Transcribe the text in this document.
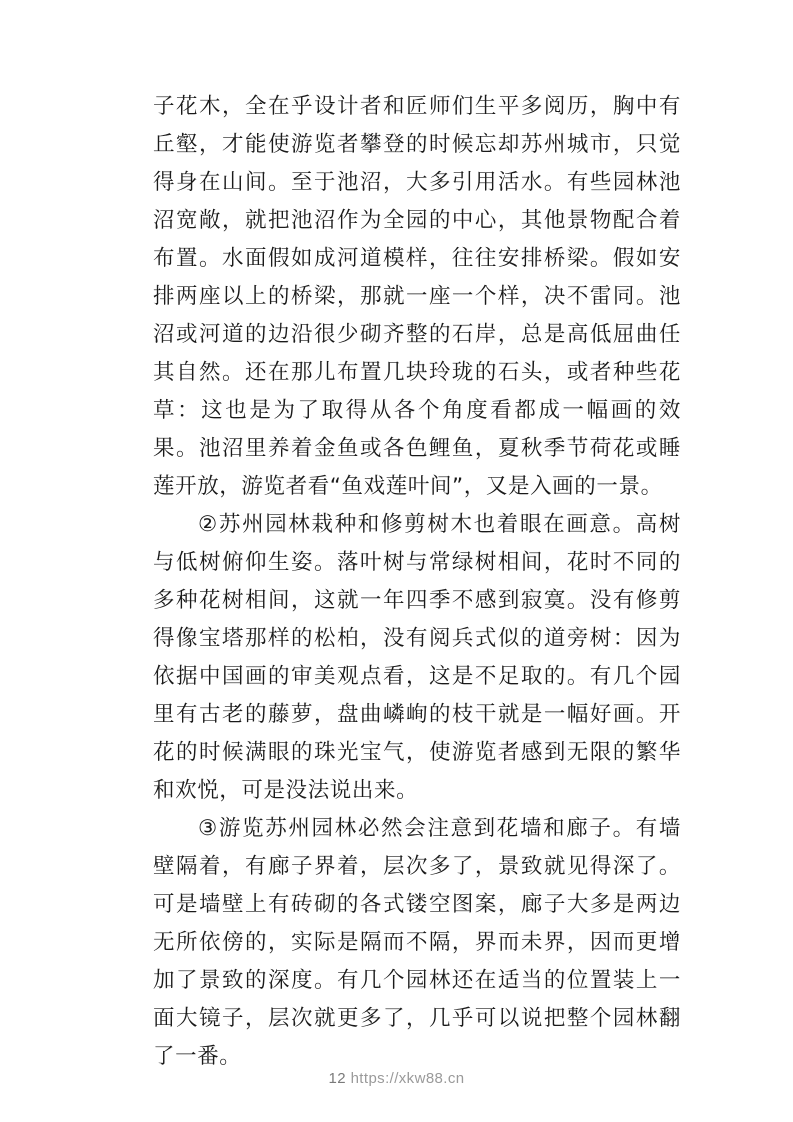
子花木，全在乎设计者和匠师们生平多阅历，胸中有丘壑，才能使游览者攀登的时候忘却苏州城市，只觉得身在山间。至于池沼，大多引用活水。有些园林池沼宽敞，就把池沼作为全园的中心，其他景物配合着布置。水面假如成河道模样，往往安排桥梁。假如安排两座以上的桥梁，那就一座一个样，决不雷同。池沼或河道的边沿很少砌齐整的石岸，总是高低屈曲任其自然。还在那儿布置几块玲珑的石头，或者种些花草：这也是为了取得从各个角度看都成一幅画的效果。池沼里养着金鱼或各色鲤鱼，夏秋季节荷花或睡莲开放，游览者看“鱼戏莲叶间”，又是入画的一景。

②苏州园林栽种和修剪树木也着眼在画意。高树与低树俯仰生姿。落叶树与常绿树相间，花时不同的多种花树相间，这就一年四季不感到寂寞。没有修剪得像宝塔那样的松柏，没有阅兵式似的道旁树：因为依据中国画的审美观点看，这是不足取的。有几个园里有古老的藤萝，盘曲嶙峋的枝干就是一幅好画。开花的时候满眼的珠光宝气，使游览者感到无限的繁华和欢悦，可是没法说出来。

③游览苏州园林必然会注意到花墙和廊子。有墙壁隔着，有廊子界着，层次多了，景致就见得深了。可是墙壁上有砖砌的各式镂空图案，廊子大多是两边无所依傍的，实际是隔而不隔，界而未界，因而更增加了景致的深度。有几个园林还在适当的位置装上一面大镜子，层次就更多了，几乎可以说把整个园林翻了一番。

12 https://xkw88.cn
